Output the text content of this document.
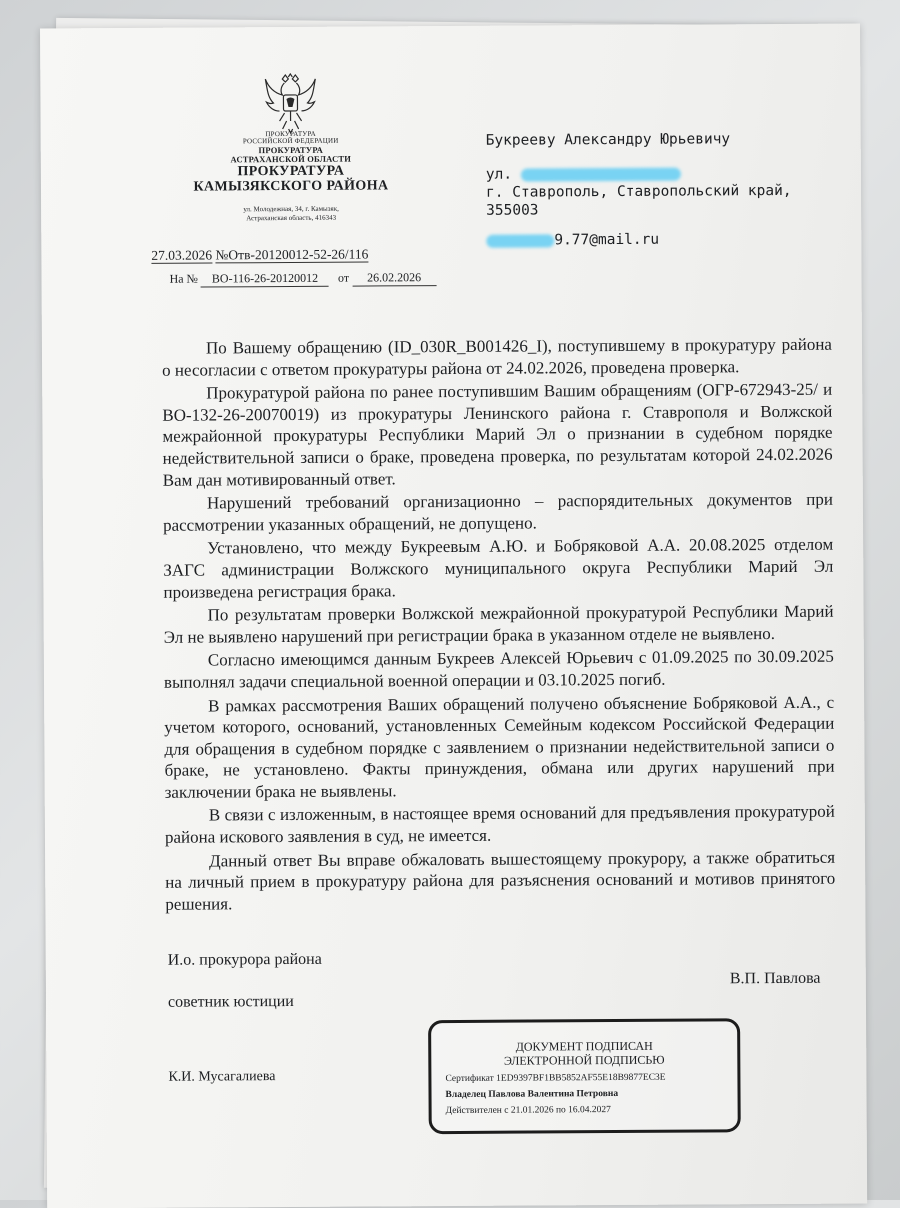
ПРОКУРАТУРА
РОССИЙСКОЙ ФЕДЕРАЦИИ
ПРОКУРАТУРА
АСТРАХАНСКОЙ ОБЛАСТИ
ПРОКУРАТУРА
КАМЫЗЯКСКОГО РАЙОНА
ул. Молодежная, 34, г. Камызяк,
Астраханская область, 416343
27.03.2026 №Отв-20120012-52-26/116
На № ВО-116-26-20120012 от 26.02.2026
Букрееву Александру Юрьевичу
ул.
г. Ставрополь, Ставропольский край,
355003
9.77@mail.ru

По Вашему обращению (ID_030R_B001426_I), поступившему в прокуратуру района о несогласии с ответом прокуратуры района от 24.02.2026, проведена проверка.

Прокуратурой района по ранее поступившим Вашим обращениям (ОГР-672943-25/ и ВО-132-26-20070019) из прокуратуры Ленинского района г. Ставрополя и Волжской межрайонной прокуратуры Республики Марий Эл о признании в судебном порядке недействительной записи о браке, проведена проверка, по результатам которой 24.02.2026 Вам дан мотивированный ответ.

Нарушений требований организационно – распорядительных документов при рассмотрении указанных обращений, не допущено.

Установлено, что между Букреевым А.Ю. и Бобряковой А.А. 20.08.2025 отделом ЗАГС администрации Волжского муниципального округа Республики Марий Эл произведена регистрация брака.

По результатам проверки Волжской межрайонной прокуратурой Республики Марий Эл не выявлено нарушений при регистрации брака в указанном отделе не выявлено.

Согласно имеющимся данным Букреев Алексей Юрьевич с 01.09.2025 по 30.09.2025 выполнял задачи специальной военной операции и 03.10.2025 погиб.

В рамках рассмотрения Ваших обращений получено объяснение Бобряковой А.А., с учетом которого, оснований, установленных Семейным кодексом Российской Федерации для обращения в судебном порядке с заявлением о признании недействительной записи о браке, не установлено. Факты принуждения, обмана или других нарушений при заключении брака не выявлены.

В связи с изложенным, в настоящее время оснований для предъявления прокуратурой района искового заявления в суд, не имеется.

Данный ответ Вы вправе обжаловать вышестоящему прокурору, а также обратиться на личный прием в прокуратуру района для разъяснения оснований и мотивов принятого решения.

И.о. прокурора района
советник юстиции
В.П. Павлова
К.И. Мусагалиева
ДОКУМЕНТ ПОДПИСАН
ЭЛЕКТРОННОЙ ПОДПИСЬЮ
Сертификат 1ED9397BF1BB5852AF55E18B9877EC3E
Владелец Павлова Валентина Петровна
Действителен с 21.01.2026 по 16.04.2027
